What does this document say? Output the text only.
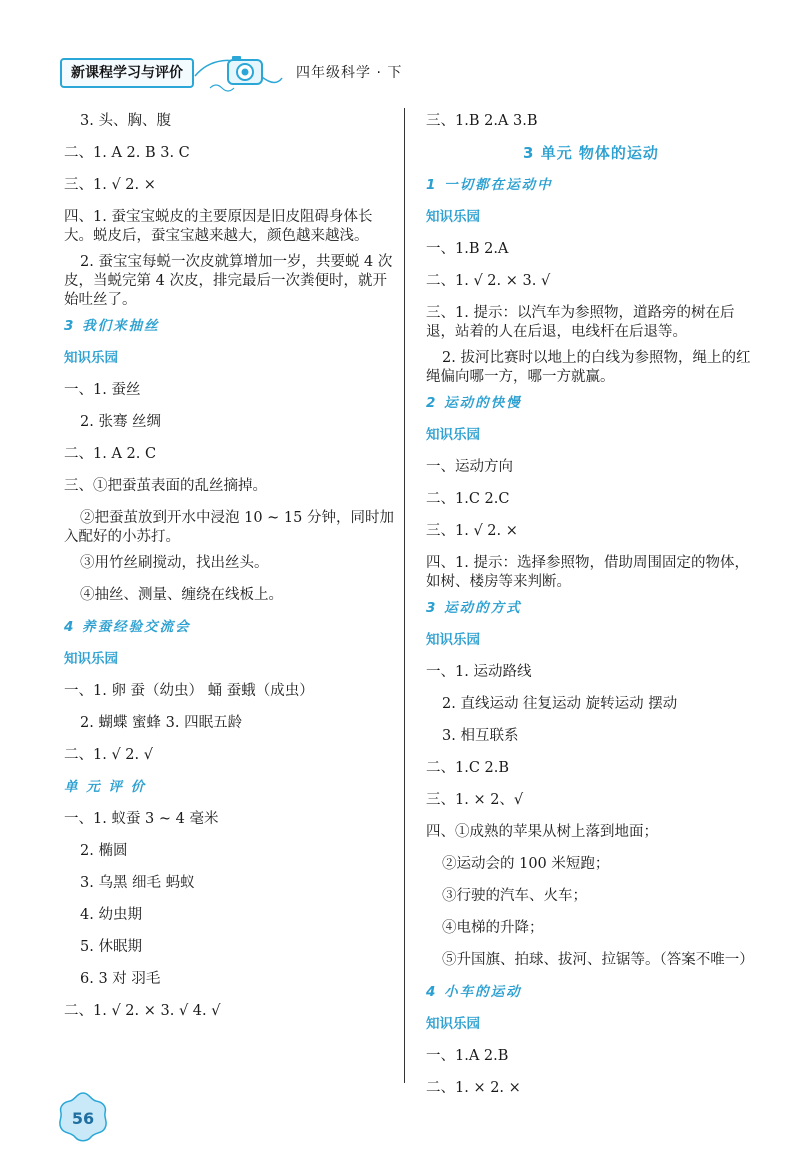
新课程学习与评价	四年级科学 · 下
3. 头、胸、腹
二、1. A 2. B 3. C
三、1. √ 2. ×
四、1. 蚕宝宝蜕皮的主要原因是旧皮阻碍身体长大。蜕皮后，蚕宝宝越来越大，颜色越来越浅。
2. 蚕宝宝每蜕一次皮就算增加一岁，共要蜕 4 次皮，当蜕完第 4 次皮，排完最后一次粪便时，就开始吐丝了。
3 我们来抽丝
知识乐园
一、1. 蚕丝
2. 张骞 丝绸
二、1. A 2. C
三、①把蚕茧表面的乱丝摘掉。
②把蚕茧放到开水中浸泡 10 ~ 15 分钟，同时加入配好的小苏打。
③用竹丝刷搅动，找出丝头。
④抽丝、测量、缠绕在线板上。
4 养蚕经验交流会
知识乐园
一、1. 卵 蚕（幼虫） 蛹 蚕蛾（成虫）
2. 蝴蝶 蜜蜂 3. 四眠五龄
二、1. √ 2. √
单 元 评 价
一、1. 蚁蚕 3 ~ 4 毫米
2. 椭圆
3. 乌黑 细毛 蚂蚁
4. 幼虫期
5. 休眠期
6. 3 对 羽毛
二、1. √ 2. × 3. √ 4. √
三、1.B 2.A 3.B
3 单元 物体的运动
1 一切都在运动中
知识乐园
一、1.B 2.A
二、1. √ 2. × 3. √
三、1. 提示：以汽车为参照物，道路旁的树在后退，站着的人在后退，电线杆在后退等。
2. 拔河比赛时以地上的白线为参照物，绳上的红绳偏向哪一方，哪一方就赢。
2 运动的快慢
知识乐园
一、运动方向
二、1.C 2.C
三、1. √ 2. ×
四、1. 提示：选择参照物，借助周围固定的物体，如树、楼房等来判断。
3 运动的方式
知识乐园
一、1. 运动路线
2. 直线运动 往复运动 旋转运动 摆动
3. 相互联系
二、1.C 2.B
三、1. × 2、√
四、①成熟的苹果从树上落到地面；
②运动会的 100 米短跑；
③行驶的汽车、火车；
④电梯的升降；
⑤升国旗、拍球、拔河、拉锯等。（答案不唯一）
4 小车的运动
知识乐园
一、1.A 2.B
二、1. × 2. ×
56
